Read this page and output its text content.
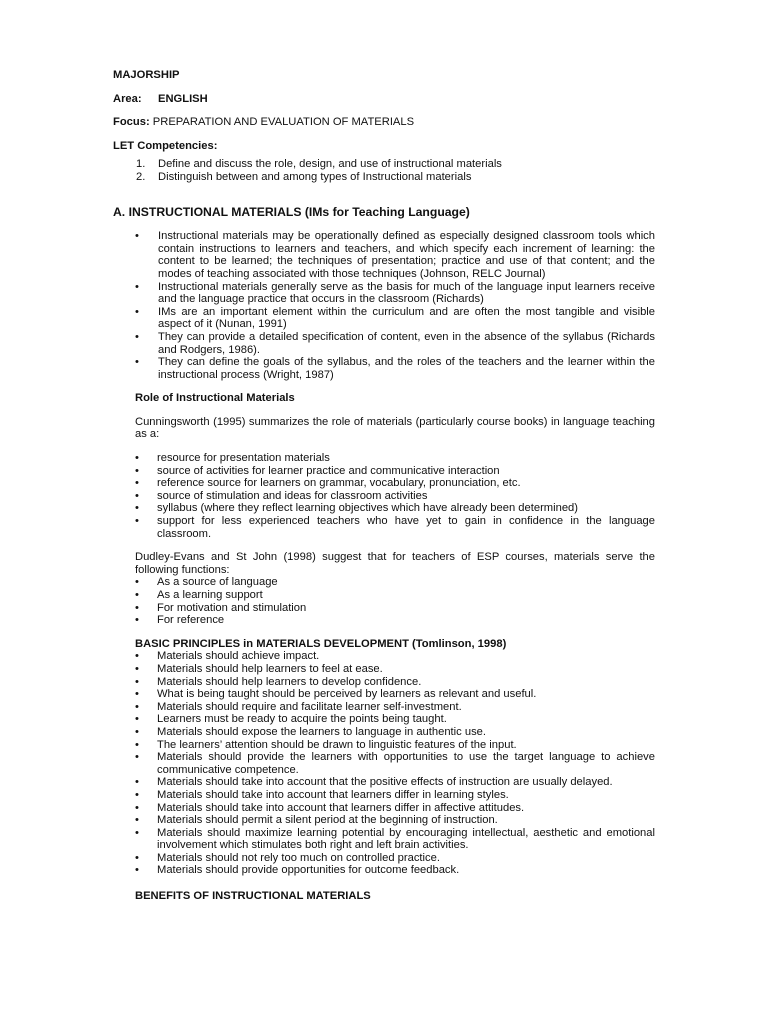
MAJORSHIP

Area: ENGLISH

Focus: PREPARATION AND EVALUATION OF MATERIALS

LET Competencies:

1. Define and discuss the role, design, and use of instructional materials
2. Distinguish between and among types of Instructional materials

A. INSTRUCTIONAL MATERIALS (IMs for Teaching Language)

• Instructional materials may be operationally defined as especially designed classroom tools which contain instructions to learners and teachers, and which specify each increment of learning: the content to be learned; the techniques of presentation; practice and use of that content; and the modes of teaching associated with those techniques (Johnson, RELC Journal)
• Instructional materials generally serve as the basis for much of the language input learners receive and the language practice that occurs in the classroom (Richards)
• IMs are an important element within the curriculum and are often the most tangible and visible aspect of it (Nunan, 1991)
• They can provide a detailed specification of content, even in the absence of the syllabus (Richards and Rodgers, 1986).
• They can define the goals of the syllabus, and the roles of the teachers and the learner within the instructional process (Wright, 1987)

Role of Instructional Materials

Cunningsworth (1995) summarizes the role of materials (particularly course books) in language teaching as a:

• resource for presentation materials
• source of activities for learner practice and communicative interaction
• reference source for learners on grammar, vocabulary, pronunciation, etc.
• source of stimulation and ideas for classroom activities
• syllabus (where they reflect learning objectives which have already been determined)
• support for less experienced teachers who have yet to gain in confidence in the language classroom.

Dudley-Evans and St John (1998) suggest that for teachers of ESP courses, materials serve the following functions:

• As a source of language
• As a learning support
• For motivation and stimulation
• For reference

BASIC PRINCIPLES in MATERIALS DEVELOPMENT (Tomlinson, 1998)

• Materials should achieve impact.
• Materials should help learners to feel at ease.
• Materials should help learners to develop confidence.
• What is being taught should be perceived by learners as relevant and useful.
• Materials should require and facilitate learner self-investment.
• Learners must be ready to acquire the points being taught.
• Materials should expose the learners to language in authentic use.
• The learners’ attention should be drawn to linguistic features of the input.
• Materials should provide the learners with opportunities to use the target language to achieve communicative competence.
• Materials should take into account that the positive effects of instruction are usually delayed.
• Materials should take into account that learners differ in learning styles.
• Materials should take into account that learners differ in affective attitudes.
• Materials should permit a silent period at the beginning of instruction.
• Materials should maximize learning potential by encouraging intellectual, aesthetic and emotional involvement which stimulates both right and left brain activities.
• Materials should not rely too much on controlled practice.
• Materials should provide opportunities for outcome feedback.

BENEFITS OF INSTRUCTIONAL MATERIALS
